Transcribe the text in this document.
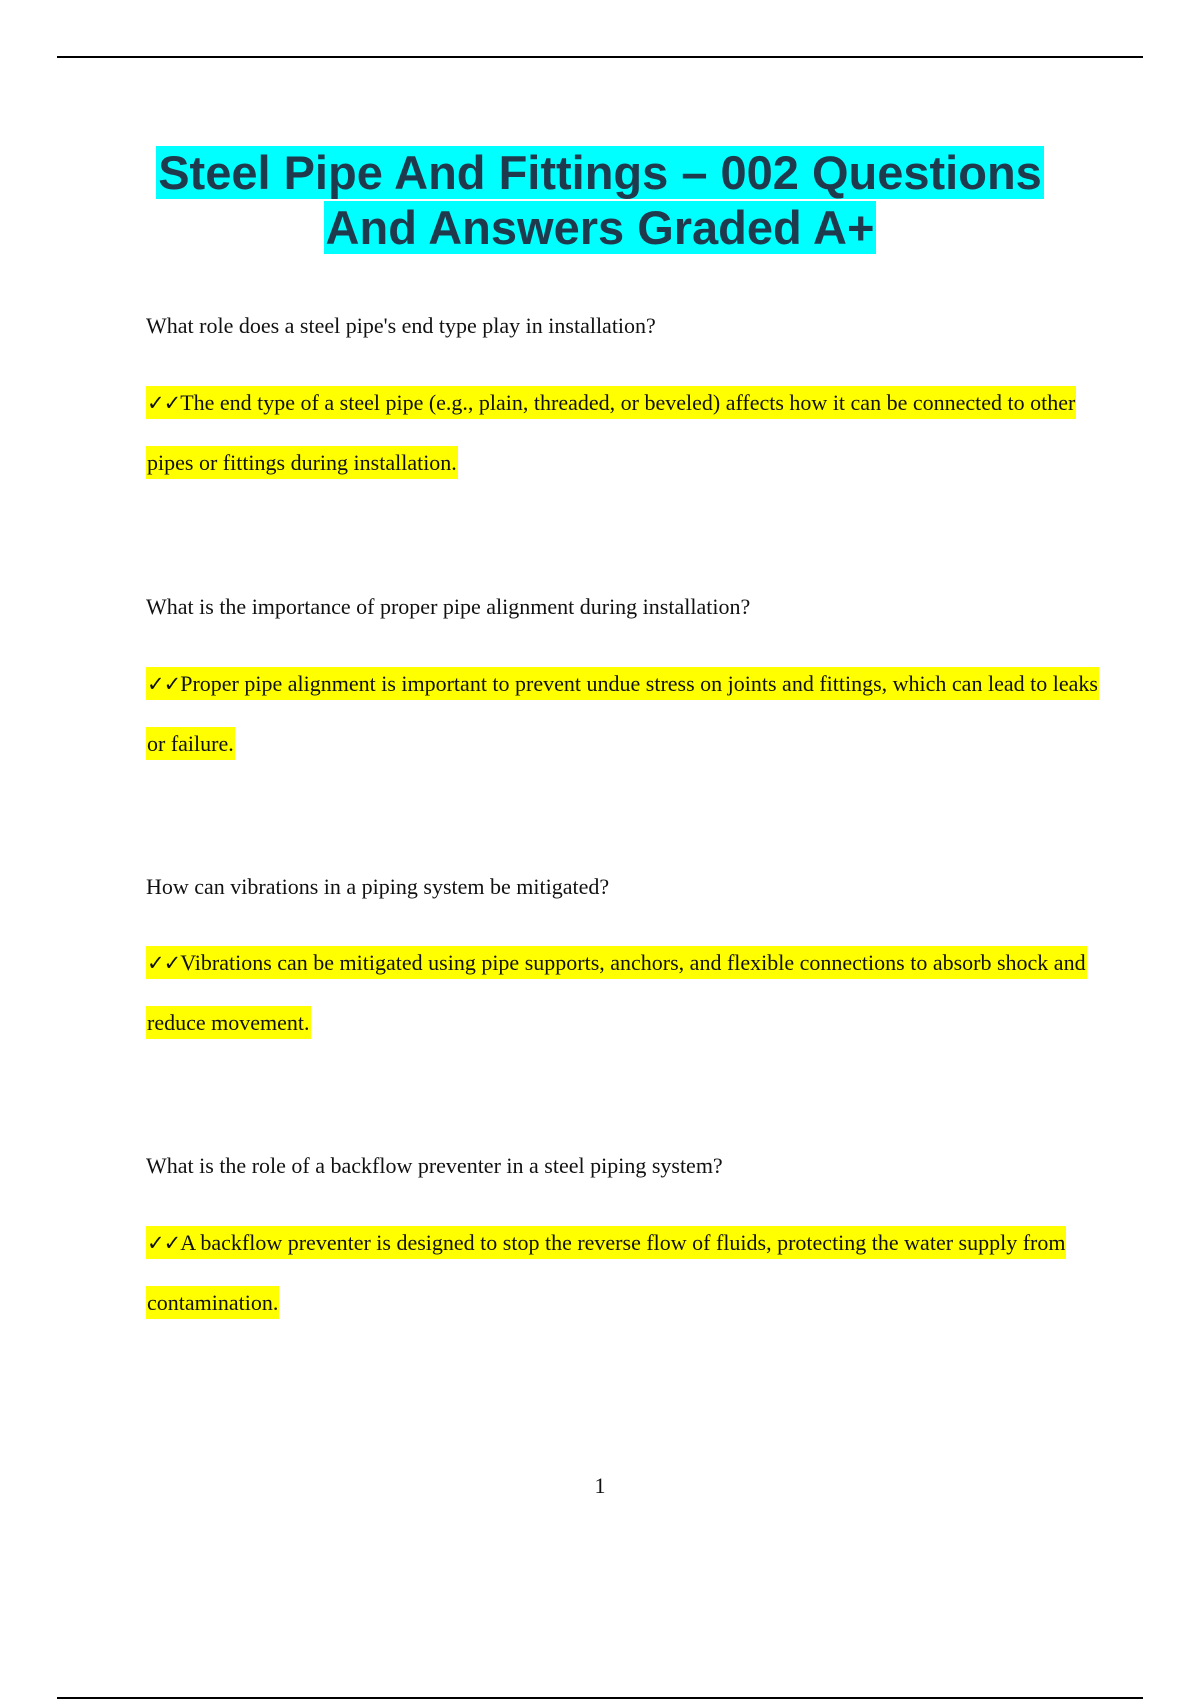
Steel Pipe And Fittings – 002 Questions
And Answers Graded A+

What role does a steel pipe's end type play in installation?

✓✓The end type of a steel pipe (e.g., plain, threaded, or beveled) affects how it can be connected to other pipes or fittings during installation.

What is the importance of proper pipe alignment during installation?

✓✓Proper pipe alignment is important to prevent undue stress on joints and fittings, which can lead to leaks or failure.

How can vibrations in a piping system be mitigated?

✓✓Vibrations can be mitigated using pipe supports, anchors, and flexible connections to absorb shock and reduce movement.

What is the role of a backflow preventer in a steel piping system?

✓✓A backflow preventer is designed to stop the reverse flow of fluids, protecting the water supply from contamination.

1
